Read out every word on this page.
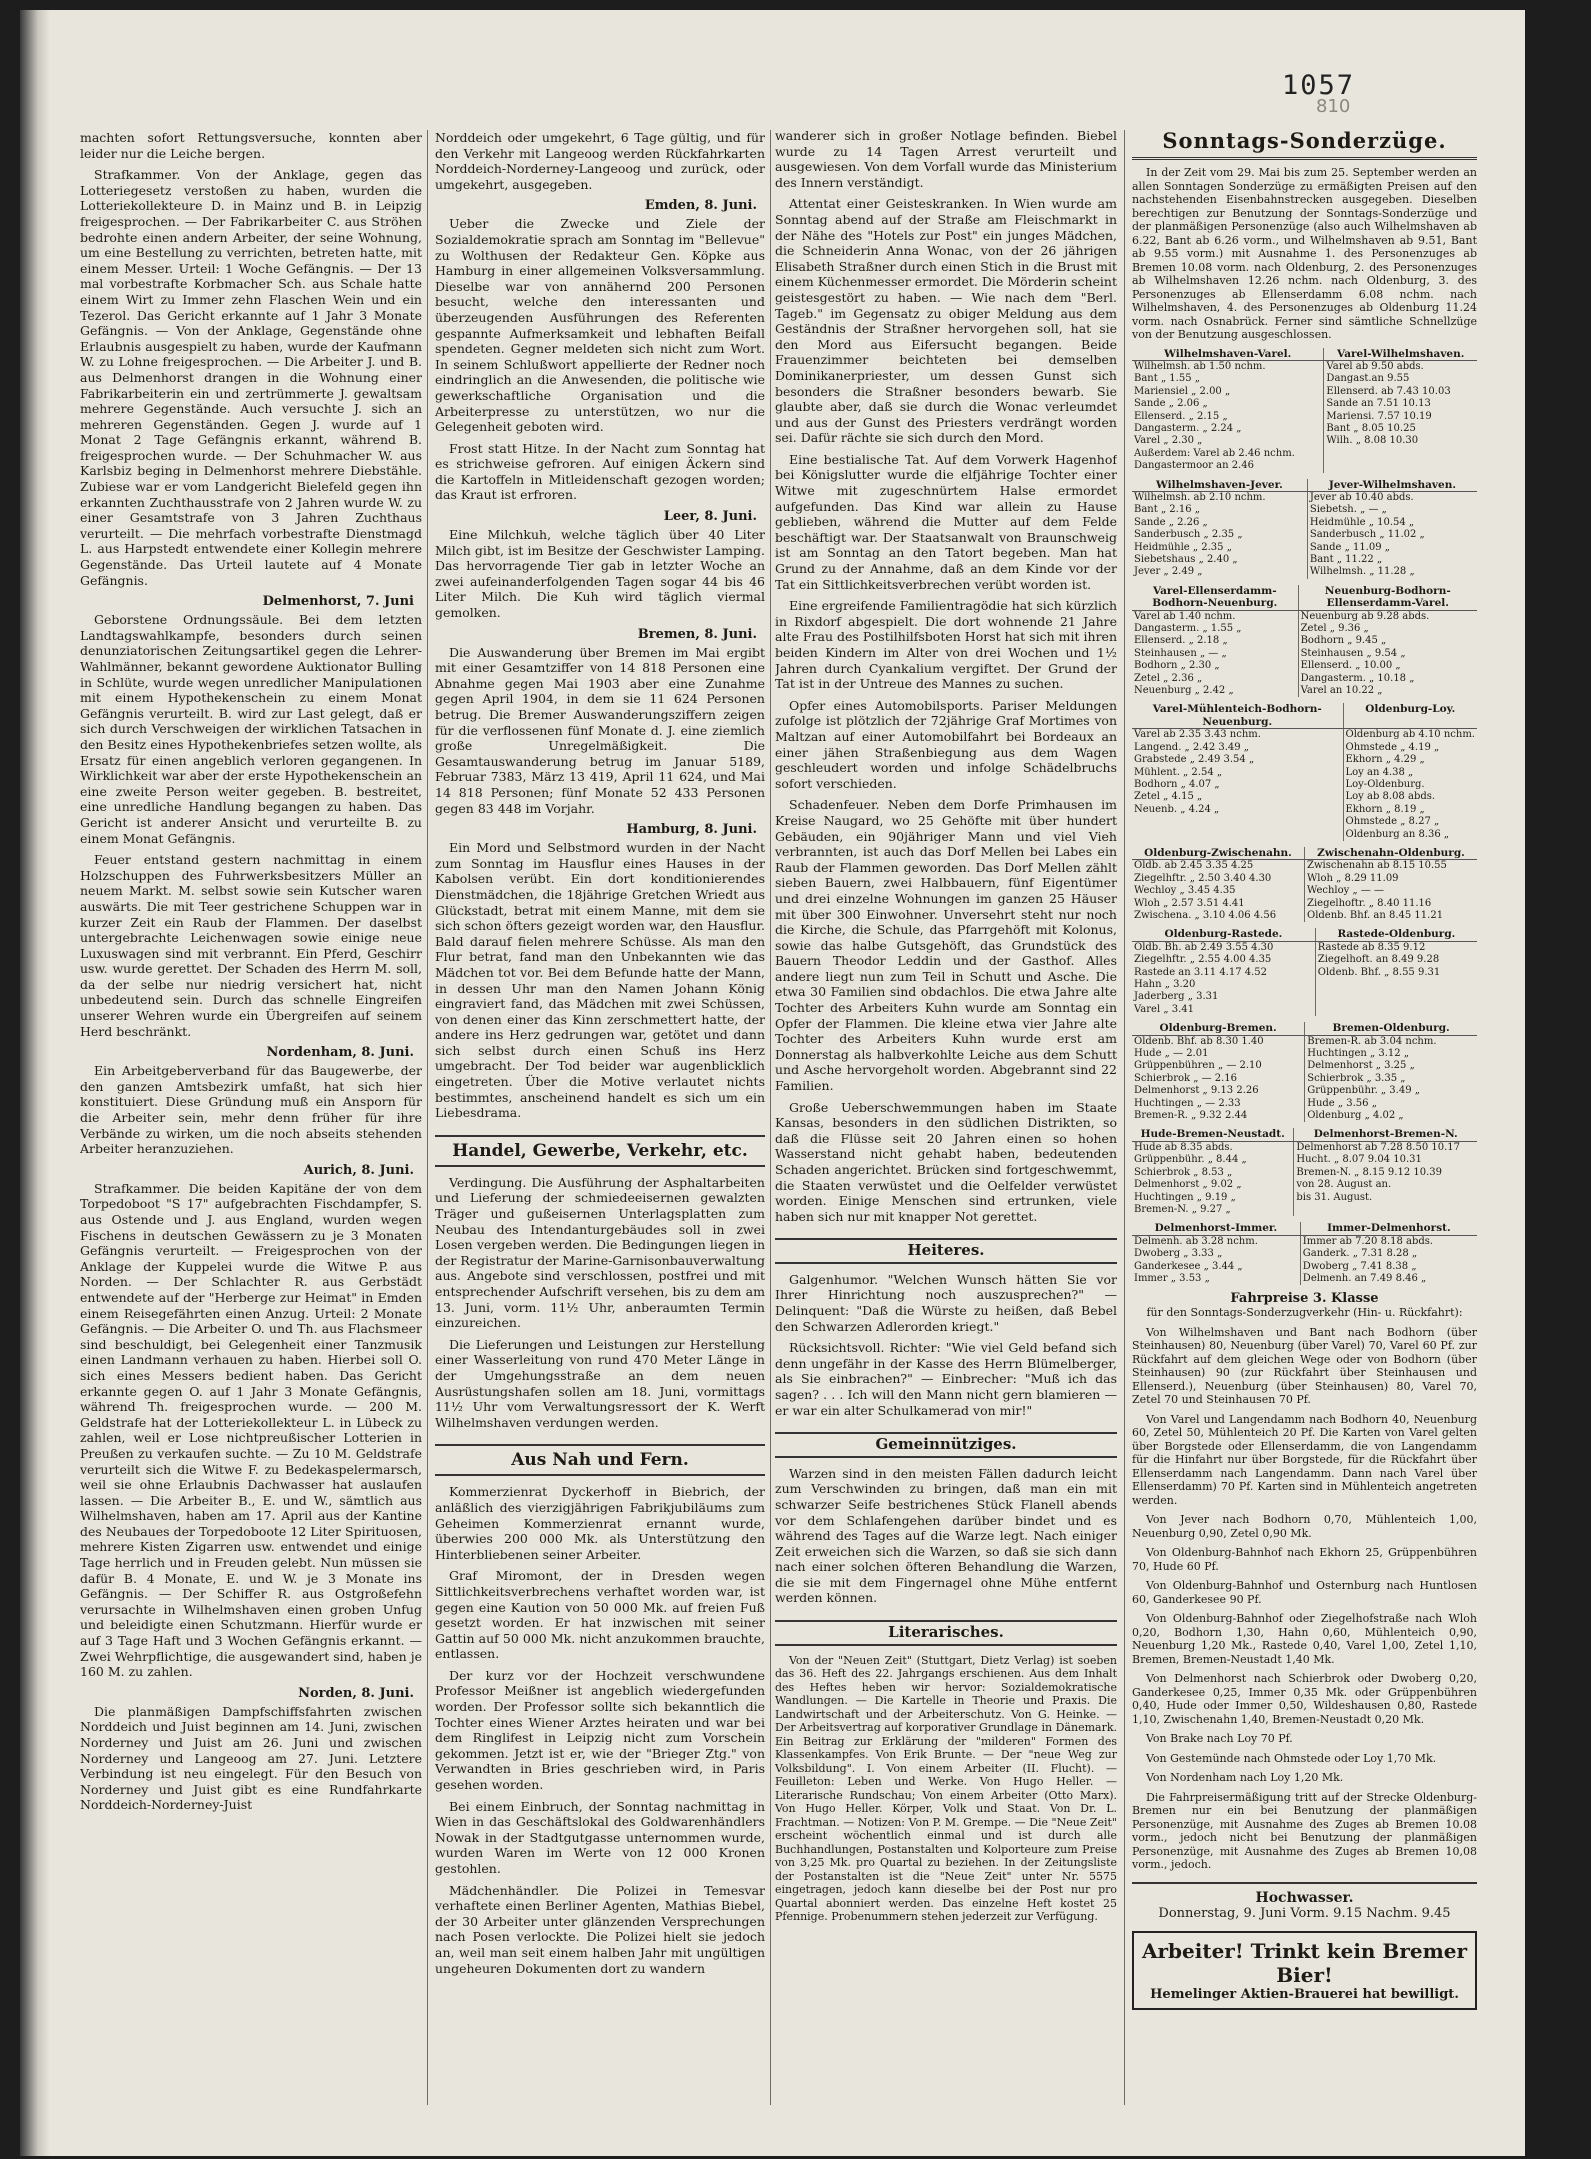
1057
810

machten sofort Rettungsversuche, konnten aber leider nur die Leiche bergen.

Strafkammer. Von der Anklage, gegen das Lotteriegesetz verstoßen zu haben, wurden die Lotteriekollekteure D. in Mainz und B. in Leipzig freigesprochen. — Der Fabrikarbeiter C. aus Ströhen bedrohte einen andern Arbeiter, der seine Wohnung, um eine Bestellung zu verrichten, betreten hatte, mit einem Messer. Urteil: 1 Woche Gefängnis. — Der 13 mal vorbestrafte Korbmacher Sch. aus Schale hatte einem Wirt zu Immer zehn Flaschen Wein und ein Tezerol. Das Gericht erkannte auf 1 Jahr 3 Monate Gefängnis. — Von der Anklage, Gegenstände ohne Erlaubnis ausgespielt zu haben, wurde der Kaufmann W. zu Lohne freigesprochen. — Die Arbeiter J. und B. aus Delmenhorst drangen in die Wohnung einer Fabrikarbeiterin ein und zertrümmerte J. gewaltsam mehrere Gegenstände. Auch versuchte J. sich an mehreren Gegenständen. Gegen J. wurde auf 1 Monat 2 Tage Gefängnis erkannt, während B. freigesprochen wurde. — Der Schuhmacher W. aus Karlsbiz beging in Delmenhorst mehrere Diebstähle. Zubiese war er vom Landgericht Bielefeld gegen ihn erkannten Zuchthausstrafe von 2 Jahren wurde W. zu einer Gesamtstrafe von 3 Jahren Zuchthaus verurteilt. — Die mehrfach vorbestrafte Dienstmagd L. aus Harpstedt entwendete einer Kollegin mehrere Gegenstände. Das Urteil lautete auf 4 Monate Gefängnis.

Delmenhorst, 7. Juni

Geborstene Ordnungssäule. Bei dem letzten Landtagswahlkampfe, besonders durch seinen denunziatorischen Zeitungsartikel gegen die Lehrer-Wahlmänner, bekannt gewordene Auktionator Bulling in Schlüte, wurde wegen unredlicher Manipulationen mit einem Hypothekenschein zu einem Monat Gefängnis verurteilt. B. wird zur Last gelegt, daß er sich durch Verschweigen der wirklichen Tatsachen in den Besitz eines Hypothekenbriefes setzen wollte, als Ersatz für einen angeblich verloren gegangenen. In Wirklichkeit war aber der erste Hypothekenschein an eine zweite Person weiter gegeben. B. bestreitet, eine unredliche Handlung begangen zu haben. Das Gericht ist anderer Ansicht und verurteilte B. zu einem Monat Gefängnis.

Feuer entstand gestern nachmittag in einem Holzschuppen des Fuhrwerksbesitzers Müller an neuem Markt. M. selbst sowie sein Kutscher waren auswärts. Die mit Teer gestrichene Schuppen war in kurzer Zeit ein Raub der Flammen. Der daselbst untergebrachte Leichenwagen sowie einige neue Luxuswagen sind mit verbrannt. Ein Pferd, Geschirr usw. wurde gerettet. Der Schaden des Herrn M. soll, da der selbe nur niedrig versichert hat, nicht unbedeutend sein. Durch das schnelle Eingreifen unserer Wehren wurde ein Übergreifen auf seinem Herd beschränkt.

Nordenham, 8. Juni.

Ein Arbeitgeberverband für das Baugewerbe, der den ganzen Amtsbezirk umfaßt, hat sich hier konstituiert. Diese Gründung muß ein Ansporn für die Arbeiter sein, mehr denn früher für ihre Verbände zu wirken, um die noch abseits stehenden Arbeiter heranzuziehen.

Aurich, 8. Juni.

Strafkammer. Die beiden Kapitäne der von dem Torpedoboot "S 17" aufgebrachten Fischdampfer, S. aus Ostende und J. aus England, wurden wegen Fischens in deutschen Gewässern zu je 3 Monaten Gefängnis verurteilt. — Freigesprochen von der Anklage der Kuppelei wurde die Witwe P. aus Norden. — Der Schlachter R. aus Gerbstädt entwendete auf der "Herberge zur Heimat" in Emden einem Reisegefährten einen Anzug. Urteil: 2 Monate Gefängnis. — Die Arbeiter O. und Th. aus Flachsmeer sind beschuldigt, bei Gelegenheit einer Tanzmusik einen Landmann verhauen zu haben. Hierbei soll O. sich eines Messers bedient haben. Das Gericht erkannte gegen O. auf 1 Jahr 3 Monate Gefängnis, während Th. freigesprochen wurde. — 200 M. Geldstrafe hat der Lotteriekollekteur L. in Lübeck zu zahlen, weil er Lose nichtpreußischer Lotterien in Preußen zu verkaufen suchte. — Zu 10 M. Geldstrafe verurteilt sich die Witwe F. zu Bedekaspelermarsch, weil sie ohne Erlaubnis Dachwasser hat auslaufen lassen. — Die Arbeiter B., E. und W., sämtlich aus Wilhelmshaven, haben am 17. April aus der Kantine des Neubaues der Torpedoboote 12 Liter Spirituosen, mehrere Kisten Zigarren usw. entwendet und einige Tage herrlich und in Freuden gelebt. Nun müssen sie dafür B. 4 Monate, E. und W. je 3 Monate ins Gefängnis. — Der Schiffer R. aus Ostgroßefehn verursachte in Wilhelmshaven einen groben Unfug und beleidigte einen Schutzmann. Hierfür wurde er auf 3 Tage Haft und 3 Wochen Gefängnis erkannt. — Zwei Wehrpflichtige, die ausgewandert sind, haben je 160 M. zu zahlen.

Norden, 8. Juni.

Die planmäßigen Dampfschiffsfahrten zwischen Norddeich und Juist beginnen am 14. Juni, zwischen Norderney und Juist am 26. Juni und zwischen Norderney und Langeoog am 27. Juni. Letztere Verbindung ist neu eingelegt. Für den Besuch von Norderney und Juist gibt es eine Rundfahrkarte Norddeich-Norderney-Juist

Norddeich oder umgekehrt, 6 Tage gültig, und für den Verkehr mit Langeoog werden Rückfahrkarten Norddeich-Norderney-Langeoog und zurück, oder umgekehrt, ausgegeben.

Emden, 8. Juni.

Ueber die Zwecke und Ziele der Sozialdemokratie sprach am Sonntag im "Bellevue" zu Wolthusen der Redakteur Gen. Köpke aus Hamburg in einer allgemeinen Volksversammlung. Dieselbe war von annähernd 200 Personen besucht, welche den interessanten und überzeugenden Ausführungen des Referenten gespannte Aufmerksamkeit und lebhaften Beifall spendeten. Gegner meldeten sich nicht zum Wort. In seinem Schlußwort appellierte der Redner noch eindringlich an die Anwesenden, die politische wie gewerkschaftliche Organisation und die Arbeiterpresse zu unterstützen, wo nur die Gelegenheit geboten wird.

Frost statt Hitze. In der Nacht zum Sonntag hat es strichweise gefroren. Auf einigen Äckern sind die Kartoffeln in Mitleidenschaft gezogen worden; das Kraut ist erfroren.

Leer, 8. Juni.

Eine Milchkuh, welche täglich über 40 Liter Milch gibt, ist im Besitze der Geschwister Lamping. Das hervorragende Tier gab in letzter Woche an zwei aufeinanderfolgenden Tagen sogar 44 bis 46 Liter Milch. Die Kuh wird täglich viermal gemolken.

Bremen, 8. Juni.

Die Auswanderung über Bremen im Mai ergibt mit einer Gesamtziffer von 14 818 Personen eine Abnahme gegen Mai 1903 aber eine Zunahme gegen April 1904, in dem sie 11 624 Personen betrug. Die Bremer Auswanderungsziffern zeigen für die verflossenen fünf Monate d. J. eine ziemlich große Unregelmäßigkeit. Die Gesamtauswanderung betrug im Januar 5189, Februar 7383, März 13 419, April 11 624, und Mai 14 818 Personen; fünf Monate 52 433 Personen gegen 83 448 im Vorjahr.

Hamburg, 8. Juni.

Ein Mord und Selbstmord wurden in der Nacht zum Sonntag im Hausflur eines Hauses in der Kabolsen verübt. Ein dort konditionierendes Dienstmädchen, die 18jährige Gretchen Wriedt aus Glückstadt, betrat mit einem Manne, mit dem sie sich schon öfters gezeigt worden war, den Hausflur. Bald darauf fielen mehrere Schüsse. Als man den Flur betrat, fand man den Unbekannten wie das Mädchen tot vor. Bei dem Befunde hatte der Mann, in dessen Uhr man den Namen Johann König eingraviert fand, das Mädchen mit zwei Schüssen, von denen einer das Kinn zerschmettert hatte, der andere ins Herz gedrungen war, getötet und dann sich selbst durch einen Schuß ins Herz umgebracht. Der Tod beider war augenblicklich eingetreten. Über die Motive verlautet nichts bestimmtes, anscheinend handelt es sich um ein Liebesdrama.

Handel, Gewerbe, Verkehr, etc.

Verdingung. Die Ausführung der Asphaltarbeiten und Lieferung der schmiedeeisernen gewalzten Träger und gußeisernen Unterlagsplatten zum Neubau des Intendanturgebäudes soll in zwei Losen vergeben werden. Die Bedingungen liegen in der Registratur der Marine-Garnisonbauverwaltung aus. Angebote sind verschlossen, postfrei und mit entsprechender Aufschrift versehen, bis zu dem am 13. Juni, vorm. 11½ Uhr, anberaumten Termin einzureichen.

Die Lieferungen und Leistungen zur Herstellung einer Wasserleitung von rund 470 Meter Länge in der Umgehungsstraße an dem neuen Ausrüstungshafen sollen am 18. Juni, vormittags 11½ Uhr vom Verwaltungsressort der K. Werft Wilhelmshaven verdungen werden.

Aus Nah und Fern.

Kommerzienrat Dyckerhoff in Biebrich, der anläßlich des vierzigjährigen Fabrikjubiläums zum Geheimen Kommerzienrat ernannt wurde, überwies 200 000 Mk. als Unterstützung den Hinterbliebenen seiner Arbeiter.

Graf Miromont, der in Dresden wegen Sittlichkeitsverbrechens verhaftet worden war, ist gegen eine Kaution von 50 000 Mk. auf freien Fuß gesetzt worden. Er hat inzwischen mit seiner Gattin auf 50 000 Mk. nicht anzukommen brauchte, entlassen.

Der kurz vor der Hochzeit verschwundene Professor Meißner ist angeblich wiedergefunden worden. Der Professor sollte sich bekanntlich die Tochter eines Wiener Arztes heiraten und war bei dem Ringlifest in Leipzig nicht zum Vorschein gekommen. Jetzt ist er, wie der "Brieger Ztg." von Verwandten in Bries geschrieben wird, in Paris gesehen worden.

Bei einem Einbruch, der Sonntag nachmittag in Wien in das Geschäftslokal des Goldwarenhändlers Nowak in der Stadtgutgasse unternommen wurde, wurden Waren im Werte von 12 000 Kronen gestohlen.

Mädchenhändler. Die Polizei in Temesvar verhaftete einen Berliner Agenten, Mathias Biebel, der 30 Arbeiter unter glänzenden Versprechungen nach Posen verlockte. Die Polizei hielt sie jedoch an, weil man seit einem halben Jahr mit ungültigen ungeheuren Dokumenten dort zu wandern

wanderer sich in großer Notlage befinden. Biebel wurde zu 14 Tagen Arrest verurteilt und ausgewiesen. Von dem Vorfall wurde das Ministerium des Innern verständigt.

Attentat einer Geisteskranken. In Wien wurde am Sonntag abend auf der Straße am Fleischmarkt in der Nähe des "Hotels zur Post" ein junges Mädchen, die Schneiderin Anna Wonac, von der 26 jährigen Elisabeth Straßner durch einen Stich in die Brust mit einem Küchenmesser ermordet. Die Mörderin scheint geistesgestört zu haben. — Wie nach dem "Berl. Tageb." im Gegensatz zu obiger Meldung aus dem Geständnis der Straßner hervorgehen soll, hat sie den Mord aus Eifersucht begangen. Beide Frauenzimmer beichteten bei demselben Dominikanerpriester, um dessen Gunst sich besonders die Straßner besonders bewarb. Sie glaubte aber, daß sie durch die Wonac verleumdet und aus der Gunst des Priesters verdrängt worden sei. Dafür rächte sie sich durch den Mord.

Eine bestialische Tat. Auf dem Vorwerk Hagenhof bei Königslutter wurde die elfjährige Tochter einer Witwe mit zugeschnürtem Halse ermordet aufgefunden. Das Kind war allein zu Hause geblieben, während die Mutter auf dem Felde beschäftigt war. Der Staatsanwalt von Braunschweig ist am Sonntag an den Tatort begeben. Man hat Grund zu der Annahme, daß an dem Kinde vor der Tat ein Sittlichkeitsverbrechen verübt worden ist.

Eine ergreifende Familientragödie hat sich kürzlich in Rixdorf abgespielt. Die dort wohnende 21 Jahre alte Frau des Postilhilfsboten Horst hat sich mit ihren beiden Kindern im Alter von drei Wochen und 1½ Jahren durch Cyankalium vergiftet. Der Grund der Tat ist in der Untreue des Mannes zu suchen.

Opfer eines Automobilsports. Pariser Meldungen zufolge ist plötzlich der 72jährige Graf Mortimes von Maltzan auf einer Automobilfahrt bei Bordeaux an einer jähen Straßenbiegung aus dem Wagen geschleudert worden und infolge Schädelbruchs sofort verschieden.

Schadenfeuer. Neben dem Dorfe Primhausen im Kreise Naugard, wo 25 Gehöfte mit über hundert Gebäuden, ein 90jähriger Mann und viel Vieh verbrannten, ist auch das Dorf Mellen bei Labes ein Raub der Flammen geworden. Das Dorf Mellen zählt sieben Bauern, zwei Halbbauern, fünf Eigentümer und drei einzelne Wohnungen im ganzen 25 Häuser mit über 300 Einwohner. Unversehrt steht nur noch die Kirche, die Schule, das Pfarrgehöft mit Kolonus, sowie das halbe Gutsgehöft, das Grundstück des Bauern Theodor Leddin und der Gasthof. Alles andere liegt nun zum Teil in Schutt und Asche. Die etwa 30 Familien sind obdachlos. Die etwa Jahre alte Tochter des Arbeiters Kuhn wurde am Sonntag ein Opfer der Flammen. Die kleine etwa vier Jahre alte Tochter des Arbeiters Kuhn wurde erst am Donnerstag als halbverkohlte Leiche aus dem Schutt und Asche hervorgeholt worden. Abgebrannt sind 22 Familien.

Große Ueberschwemmungen haben im Staate Kansas, besonders in den südlichen Distrikten, so daß die Flüsse seit 20 Jahren einen so hohen Wasserstand nicht gehabt haben, bedeutenden Schaden angerichtet. Brücken sind fortgeschwemmt, die Staaten verwüstet und die Oelfelder verwüstet worden. Einige Menschen sind ertrunken, viele haben sich nur mit knapper Not gerettet.

Heiteres.

Galgenhumor. "Welchen Wunsch hätten Sie vor Ihrer Hinrichtung noch auszusprechen?" — Delinquent: "Daß die Würste zu heißen, daß Bebel den Schwarzen Adlerorden kriegt."

Rücksichtsvoll. Richter: "Wie viel Geld befand sich denn ungefähr in der Kasse des Herrn Blümelberger, als Sie einbrachen?" — Einbrecher: "Muß ich das sagen? . . . Ich will den Mann nicht gern blamieren — er war ein alter Schulkamerad von mir!"

Gemeinnütziges.

Warzen sind in den meisten Fällen dadurch leicht zum Verschwinden zu bringen, daß man ein mit schwarzer Seife bestrichenes Stück Flanell abends vor dem Schlafengehen darüber bindet und es während des Tages auf die Warze legt. Nach einiger Zeit erweichen sich die Warzen, so daß sie sich dann nach einer solchen öfteren Behandlung die Warzen, die sie mit dem Fingernagel ohne Mühe entfernt werden können.

Literarisches.

Von der "Neuen Zeit" (Stuttgart, Dietz Verlag) ist soeben das 36. Heft des 22. Jahrgangs erschienen. Aus dem Inhalt des Heftes heben wir hervor: Sozialdemokratische Wandlungen. — Die Kartelle in Theorie und Praxis. Die Landwirtschaft und der Arbeiterschutz. Von G. Heinke. — Der Arbeitsvertrag auf korporativer Grundlage in Dänemark. Ein Beitrag zur Erklärung der "milderen" Formen des Klassenkampfes. Von Erik Brunte. — Der "neue Weg zur Volksbildung". I. Von einem Arbeiter (II. Flucht). — Feuilleton: Leben und Werke. Von Hugo Heller. — Literarische Rundschau; Von einem Arbeiter (Otto Marx). Von Hugo Heller. Körper, Volk und Staat. Von Dr. L. Frachtman. — Notizen: Von P. M. Grempe. — Die "Neue Zeit" erscheint wöchentlich einmal und ist durch alle Buchhandlungen, Postanstalten und Kolporteure zum Preise von 3,25 Mk. pro Quartal zu beziehen. In der Zeitungsliste der Postanstalten ist die "Neue Zeit" unter Nr. 5575 eingetragen, jedoch kann dieselbe bei der Post nur pro Quartal abonniert werden. Das einzelne Heft kostet 25 Pfennige. Probenummern stehen jederzeit zur Verfügung.

Sonntags-Sonderzüge.

In der Zeit vom 29. Mai bis zum 25. September werden an allen Sonntagen Sonderzüge zu ermäßigten Preisen auf den nachstehenden Eisenbahnstrecken ausgegeben. Dieselben berechtigen zur Benutzung der Sonntags-Sonderzüge und der planmäßigen Personenzüge (also auch Wilhelmshaven ab 6.22, Bant ab 6.26 vorm., und Wilhelmshaven ab 9.51, Bant ab 9.55 vorm.) mit Ausnahme 1. des Personenzuges ab Bremen 10.08 vorm. nach Oldenburg, 2. des Personenzuges ab Wilhelmshaven 12.26 nchm. nach Oldenburg, 3. des Personenzuges ab Ellenserdamm 6.08 nchm. nach Wilhelmshaven, 4. des Personenzuges ab Oldenburg 11.24 vorm. nach Osnabrück. Ferner sind sämtliche Schnellzüge von der Benutzung ausgeschlossen.

Wilhelmshaven-Varel.	Varel-Wilhelmshaven.
Wilhelmsh. ab 1.50 nchm.	Varel ab 9.50 abds.
Bant „ 1.55 „	Dangast.an 9.55
Mariensiel „ 2.00 „	Ellenserd. ab 7.43 10.03
Sande „ 2.06 „	Sande an 7.51 10.13
Ellenserd. „ 2.15 „	Mariensi. 7.57 10.19
Dangasterm. „ 2.24 „	Bant „ 8.05 10.25
Varel „ 2.30 „	Wilh. „ 8.08 10.30
Außerdem: Varel ab 2.46 nchm.	
Dangastermoor an 2.46	
Wilhelmshaven-Jever.	Jever-Wilhelmshaven.
Wilhelmsh. ab 2.10 nchm.	Jever ab 10.40 abds.
Bant „ 2.16 „	Siebetsh. „ — „
Sande „ 2.26 „	Heidmühle „ 10.54 „
Sanderbusch „ 2.35 „	Sanderbusch „ 11.02 „
Heidmühle „ 2.35 „	Sande „ 11.09 „
Siebetshaus „ 2.40 „	Bant „ 11.22 „
Jever „ 2.49 „	Wilhelmsh. „ 11.28 „
Varel-Ellenserdamm-Bodhorn-Neuenburg.	Neuenburg-Bodhorn-Ellenserdamm-Varel.
Varel ab 1.40 nchm.	Neuenburg ab 9.28 abds.
Dangasterm. „ 1.55 „	Zetel „ 9.36 „
Ellenserd. „ 2.18 „	Bodhorn „ 9.45 „
Steinhausen „ — „	Steinhausen „ 9.54 „
Bodhorn „ 2.30 „	Ellenserd. „ 10.00 „
Zetel „ 2.36 „	Dangasterm. „ 10.18 „
Neuenburg „ 2.42 „	Varel an 10.22 „
Varel-Mühlenteich-Bodhorn-Neuenburg.	Oldenburg-Loy.
Varel ab 2.35 3.43 nchm.	Oldenburg ab 4.10 nchm.
Langend. „ 2.42 3.49 „	Ohmstede „ 4.19 „
Grabstede „ 2.49 3.54 „	Ekhorn „ 4.29 „
Mühlent. „ 2.54 „	Loy an 4.38 „
Bodhorn „ 4.07 „	Loy-Oldenburg.
Zetel „ 4.15 „	Loy ab 8.08 abds.
Neuenb. „ 4.24 „	Ekhorn „ 8.19 „
	Ohmstede „ 8.27 „
	Oldenburg an 8.36 „
Oldenburg-Zwischenahn.	Zwischenahn-Oldenburg.
Oldb. ab 2.45 3.35 4.25	Zwischenahn ab 8.15 10.55
Ziegelhftr. „ 2.50 3.40 4.30	Wloh „ 8.29 11.09
Wechloy „ 3.45 4.35	Wechloy „ — —
Wloh „ 2.57 3.51 4.41	Ziegelhoftr. „ 8.40 11.16
Zwischena. „ 3.10 4.06 4.56	Oldenb. Bhf. an 8.45 11.21
Oldenburg-Rastede.	Rastede-Oldenburg.
Oldb. Bh. ab 2.49 3.55 4.30	Rastede ab 8.35 9.12
Ziegelhftr. „ 2.55 4.00 4.35	Ziegelhoft. an 8.49 9.28
Rastede an 3.11 4.17 4.52	Oldenb. Bhf. „ 8.55 9.31
Hahn „ 3.20	
Jaderberg „ 3.31	
Varel „ 3.41	
Oldenburg-Bremen.	Bremen-Oldenburg.
Oldenb. Bhf. ab 8.30 1.40	Bremen-R. ab 3.04 nchm.
Hude „ — 2.01	Huchtingen „ 3.12 „
Grüppenbühren „ — 2.10	Delmenhorst „ 3.25 „
Schierbrok „ — 2.16	Schierbrok „ 3.35 „
Delmenhorst „ 9.13 2.26	Grüppenbühr. „ 3.49 „
Huchtingen „ — 2.33	Hude „ 3.56 „
Bremen-R. „ 9.32 2.44	Oldenburg „ 4.02 „
Hude-Bremen-Neustadt.	Delmenhorst-Bremen-N.
Hude ab 8.35 abds.	Delmenhorst ab 7.28 8.50 10.17
Grüppenbühr. „ 8.44 „	Hucht. „ 8.07 9.04 10.31
Schierbrok „ 8.53 „	Bremen-N. „ 8.15 9.12 10.39
Delmenhorst „ 9.02 „	von 28. August an.
Huchtingen „ 9.19 „	bis 31. August.
Bremen-N. „ 9.27 „	
Delmenhorst-Immer.	Immer-Delmenhorst.
Delmenh. ab 3.28 nchm.	Immer ab 7.20 8.18 abds.
Dwoberg „ 3.33 „	Ganderk. „ 7.31 8.28 „
Ganderkesee „ 3.44 „	Dwoberg „ 7.41 8.38 „
Immer „ 3.53 „	Delmenh. an 7.49 8.46 „
Fahrpreise 3. Klasse

für den Sonntags-Sonderzugverkehr (Hin- u. Rückfahrt):

Von Wilhelmshaven und Bant nach Bodhorn (über Steinhausen) 80, Neuenburg (über Varel) 70, Varel 60 Pf. zur Rückfahrt auf dem gleichen Wege oder von Bodhorn (über Steinhausen) 90 (zur Rückfahrt über Steinhausen und Ellenserd.), Neuenburg (über Steinhausen) 80, Varel 70, Zetel 70 und Steinhausen 70 Pf.

Von Varel und Langendamm nach Bodhorn 40, Neuenburg 60, Zetel 50, Mühlenteich 20 Pf. Die Karten von Varel gelten über Borgstede oder Ellenserdamm, die von Langendamm für die Hinfahrt nur über Borgstede, für die Rückfahrt über Ellenserdamm nach Langendamm. Dann nach Varel über Ellenserdamm) 70 Pf. Karten sind in Mühlenteich angetreten werden.

Von Jever nach Bodhorn 0,70, Mühlenteich 1,00, Neuenburg 0,90, Zetel 0,90 Mk.

Von Oldenburg-Bahnhof nach Ekhorn 25, Grüppenbühren 70, Hude 60 Pf.

Von Oldenburg-Bahnhof und Osternburg nach Huntlosen 60, Ganderkesee 90 Pf.

Von Oldenburg-Bahnhof oder Ziegelhofstraße nach Wloh 0,20, Bodhorn 1,30, Hahn 0,60, Mühlenteich 0,90, Neuenburg 1,20 Mk., Rastede 0,40, Varel 1,00, Zetel 1,10, Bremen, Bremen-Neustadt 1,40 Mk.

Von Delmenhorst nach Schierbrok oder Dwoberg 0,20, Ganderkesee 0,25, Immer 0,35 Mk. oder Grüppenbühren 0,40, Hude oder Immer 0,50, Wildeshausen 0,80, Rastede 1,10, Zwischenahn 1,40, Bremen-Neustadt 0,20 Mk.

Von Brake nach Loy 70 Pf.

Von Gestemünde nach Ohmstede oder Loy 1,70 Mk.

Von Nordenham nach Loy 1,20 Mk.

Die Fahrpreisermäßigung tritt auf der Strecke Oldenburg-Bremen nur ein bei Benutzung der planmäßigen Personenzüge, mit Ausnahme des Zuges ab Bremen 10.08 vorm., jedoch nicht bei Benutzung der planmäßigen Personenzüge, mit Ausnahme des Zuges ab Bremen 10,08 vorm., jedoch.

Hochwasser.
Donnerstag, 9. Juni Vorm. 9.15 Nachm. 9.45
Arbeiter! Trinkt kein Bremer Bier!
Hemelinger Aktien-Brauerei hat bewilligt.
